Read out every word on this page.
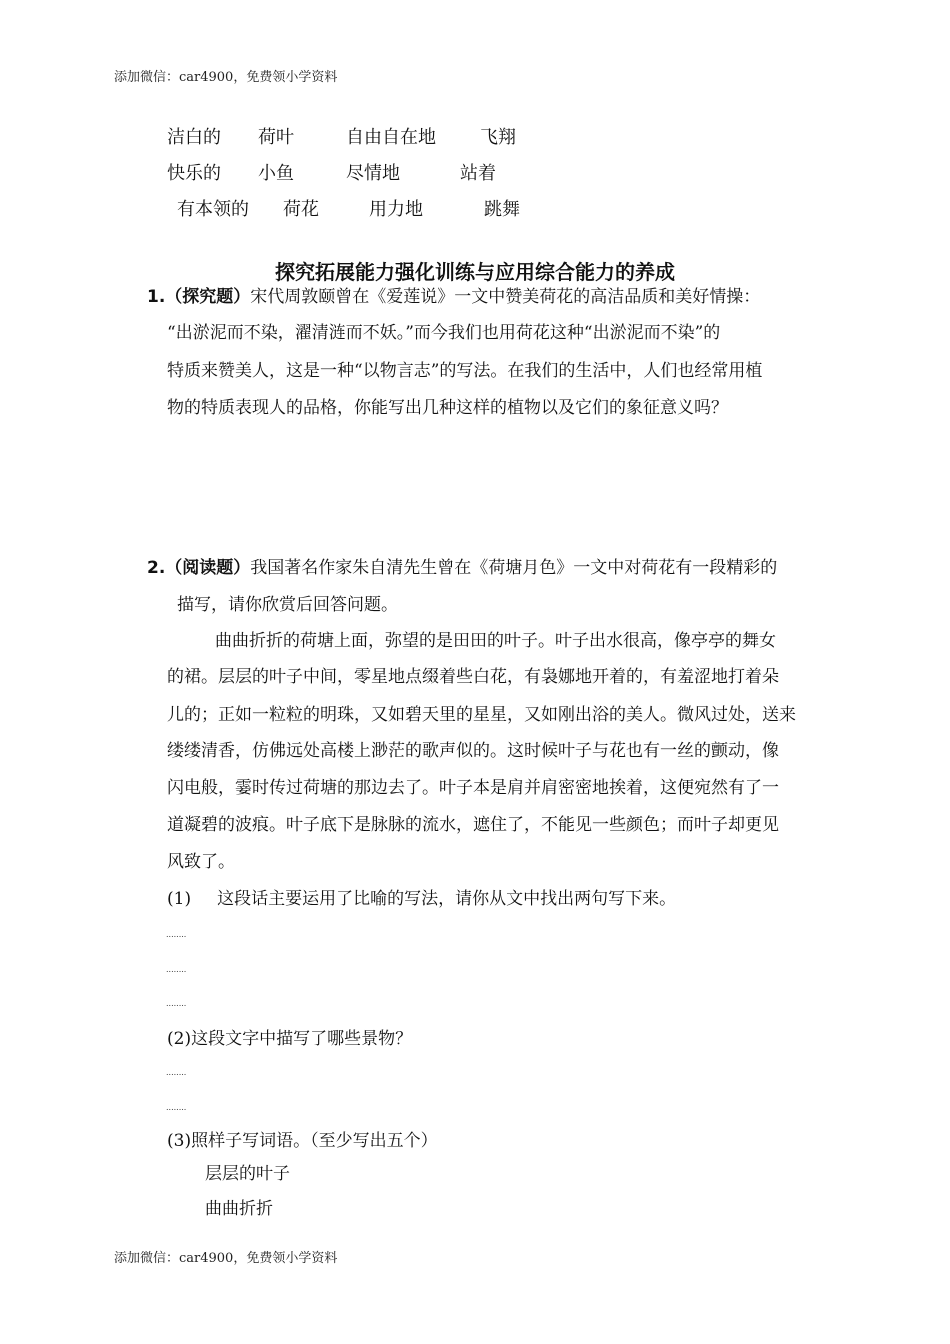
添加微信：car4900，免费领小学资料
洁白的 荷叶	自由自在地 飞翔
快乐的 小鱼	尽情地	站着
有本领的 荷花	用力地	跳舞
探究拓展能力强化训练与应用综合能力的养成
1.（探究题）宋代周敦颐曾在《爱莲说》一文中赞美荷花的高洁品质和美好情操：
“出淤泥而不染，濯清涟而不妖。”而今我们也用荷花这种“出淤泥而不染”的
特质来赞美人，这是一种“以物言志”的写法。在我们的生活中，人们也经常用植
物的特质表现人的品格，你能写出几种这样的植物以及它们的象征意义吗？
2.（阅读题）我国著名作家朱自清先生曾在《荷塘月色》一文中对荷花有一段精彩的
描写，请你欣赏后回答问题。
曲曲折折的荷塘上面，弥望的是田田的叶子。叶子出水很高，像亭亭的舞女
的裙。层层的叶子中间，零星地点缀着些白花，有袅娜地开着的，有羞涩地打着朵
儿的；正如一粒粒的明珠，又如碧天里的星星，又如刚出浴的美人。微风过处，送来
缕缕清香，仿佛远处高楼上渺茫的歌声似的。这时候叶子与花也有一丝的颤动，像
闪电般，霎时传过荷塘的那边去了。叶子本是肩并肩密密地挨着，这便宛然有了一
道凝碧的波痕。叶子底下是脉脉的流水，遮住了，不能见一些颜色；而叶子却更见
风致了。
(1) 这段话主要运用了比喻的写法，请你从文中找出两句写下来。
........
........
........
(2)这段文字中描写了哪些景物？
........
........
(3)照样子写词语。（至少写出五个）
层层的叶子
曲曲折折
添加微信：car4900，免费领小学资料
